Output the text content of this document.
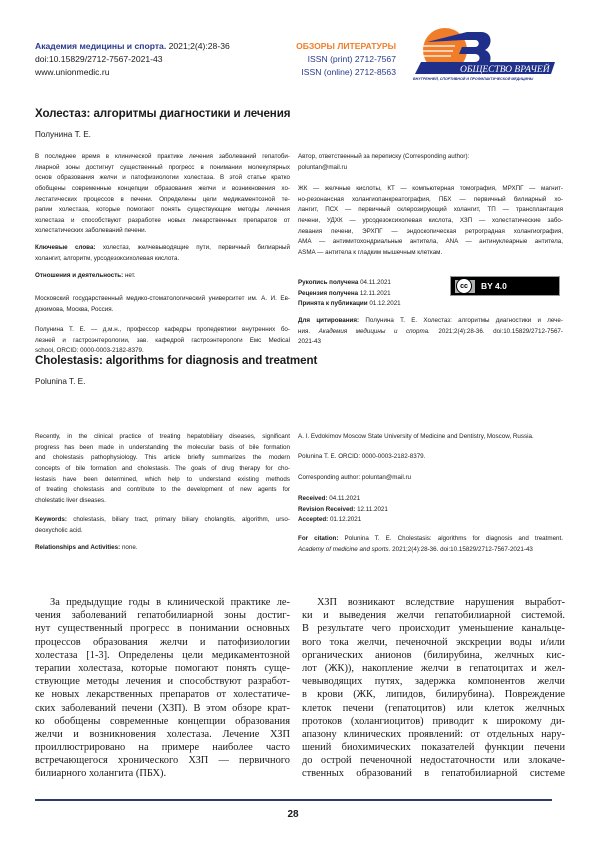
Академия медицины и спорта. 2021;2(4):28-36
doi:10.15829/2712-7567-2021-43
www.unionmedic.ru
ОБЗОРЫ ЛИТЕРАТУРЫ
ISSN (print) 2712-7567
ISSN (online) 2712-8563	ОБЩЕСТВО ВРАЧЕЙ
ВНУТРЕННЕЙ, СПОРТИВНОЙ И ПРОФИЛАКТИЧЕСКОЙ МЕДИЦИНЫ
Холестаз: алгоритмы диагностики и лечения
Полунина Т. Е.
В последнее время в клинической практике лечения заболеваний гепатоби-
лиарной зоны достигнут существенный прогресс в понимании молекулярных
основ образования желчи и патофизиологии холестаза. В этой статье кратко
обобщены современные концепции образования желчи и возникновения хо-
лестатических процессов в печени. Определены цели медикаментозной те-
рапии холестаза, которые помогают понять существующие методы лечения
холестаза и способствуют разработке новых лекарственных препаратов от
холестатических заболеваний печени.
Ключевые слова: холестаз, желчевыводящие пути, первичный билиарный
холангит, алгоритм, урсодезоксихолевая кислота.
Отношения и деятельность: нет.
Московский государственный медико-стоматологический университет им. А. И. Ев-
докимова, Москва, Россия.
Полунина Т. Е. — д.м.н., профессор кафедры пропедевтики внутренних бо-
лезней и гастроэнтерологии, зав. кафедрой гастроэнтерологи Емс Medical
school, ORCID: 0000-0003-2182-8379.
Автор, ответственный за переписку (Corresponding author):
poluntan@mail.ru
ЖК — желчные кислоты, КТ — компьютерная томография, МРХПГ — магнит-
но-резонансная холангиопанкреатография, ПБХ — первичный билиарный хо-
лангит, ПСХ — первичный склерозирующий холангит, ТП — трансплантация
печени, УДХК — урсодезоксихолевая кислота, ХЗП — холестатические забо-
левания печени, ЭРХПГ — эндоскопическая ретроградная холангиография,
АМА — антимитохондриальные антитела, ANA — антинуклеарные антитела,
ASMA — антитела к гладким мышечным клеткам.
Рукопись получена 04.11.2021
Рецензия получена 12.11.2021
Принята к публикации 01.12.2021
cc	BY 4.0
Для цитирования: Полунина Т. Е. Холестаз: алгоритмы диагностики и лече-
ния. Академия медицины и спорта. 2021;2(4):28-36. doi:10.15829/2712-7567-
2021-43
Cholestasis: algorithms for diagnosis and treatment
Polunina T. E.
Recently, in the clinical practice of treating hepatobiliary diseases, significant
progress has been made in understanding the molecular basis of bile formation
and cholestasis pathophysiology. This article briefly summarizes the modern
concepts of bile formation and cholestasis. The goals of drug therapy for cho-
lestasis have been determined, which help to understand existing methods
of treating cholestasis and contribute to the development of new agents for
cholestatic liver diseases.
Keywords: cholestasis, biliary tract, primary biliary cholangitis, algorithm, urso-
deoxycholic acid.
Relationships and Activities: none.
A. I. Evdokimov Moscow State University of Medicine and Dentistry, Moscow, Russia.
Polunina T. E. ORCID: 0000-0003-2182-8379.
Corresponding author: poluntan@mail.ru
Received: 04.11.2021
Revision Received: 12.11.2021
Accepted: 01.12.2021
For citation: Polunina T. E. Cholestasis: algorithms for diagnosis and treatment.
Academy of medicine and sports. 2021;2(4):28-36. doi:10.15829/2712-7567-2021-43
За предыдущие годы в клинической практике ле-
чения заболеваний гепатобилиарной зоны достиг-
нут существенный прогресс в понимании основных
процессов образования желчи и патофизиологии
холестаза [1-3]. Определены цели медикаментозной
терапии холестаза, которые помогают понять суще-
ствующие методы лечения и способствуют разработ-
ке новых лекарственных препаратов от холестатиче-
ских заболеваний печени (ХЗП). В этом обзоре крат-
ко обобщены современные концепции образования
желчи и возникновения холестаза. Лечение ХЗП
проиллюстрировано на примере наиболее часто
встречающегося хронического ХЗП — первичного
билиарного холангита (ПБХ).
ХЗП возникают вследствие нарушения выработ-
ки и выведения желчи гепатобилиарной системой.
В результате чего происходит уменьшение канальце-
вого тока желчи, печеночной экскреции воды и/или
органических анионов (билирубина, желчных кис-
лот (ЖК)), накопление желчи в гепатоцитах и жел-
чевыводящих путях, задержка компонентов желчи
в крови (ЖК, липидов, билирубина). Повреждение
клеток печени (гепатоцитов) или клеток желчных
протоков (холангиоцитов) приводит к широкому ди-
апазону клинических проявлений: от отдельных нару-
шений биохимических показателей функции печени
до острой печеночной недостаточности или злокаче-
ственных образований в гепатобилиарной системе
28
